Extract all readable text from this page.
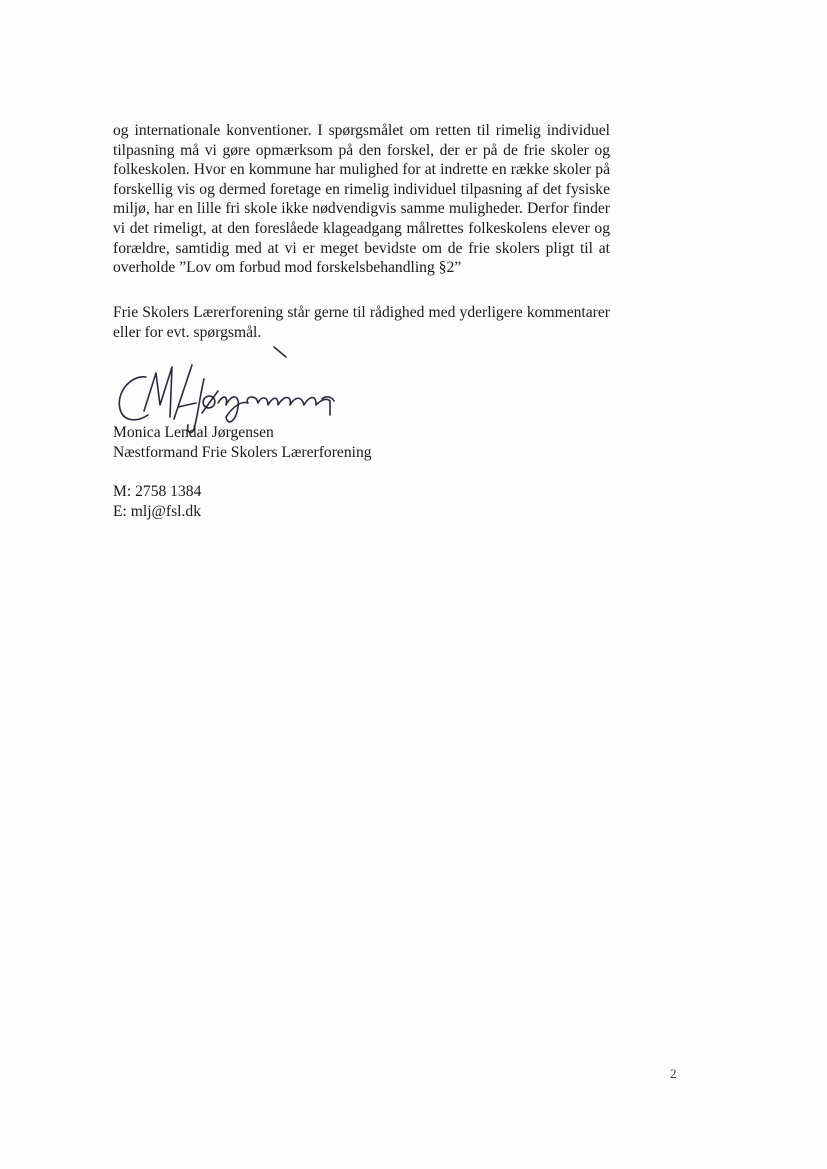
og internationale konventioner. I spørgsmålet om retten til rimelig individuel tilpasning må vi gøre opmærksom på den forskel, der er på de frie skoler og folkeskolen. Hvor en kommune har mulighed for at indrette en række skoler på forskellig vis og dermed foretage en rimelig individuel tilpasning af det fysiske miljø, har en lille fri skole ikke nødvendigvis samme muligheder. Derfor finder vi det rimeligt, at den foreslåede klageadgang målrettes folkeskolens elever og forældre, samtidig med at vi er meget bevidste om de frie skolers pligt til at overholde ”Lov om forbud mod forskelsbehandling §2”

Frie Skolers Lærerforening står gerne til rådighed med yderligere kommentarer eller for evt. spørgsmål.

Monica Lendal Jørgensen
Næstformand Frie Skolers Lærerforening
M: 2758 1384
E: mlj@fsl.dk
2
